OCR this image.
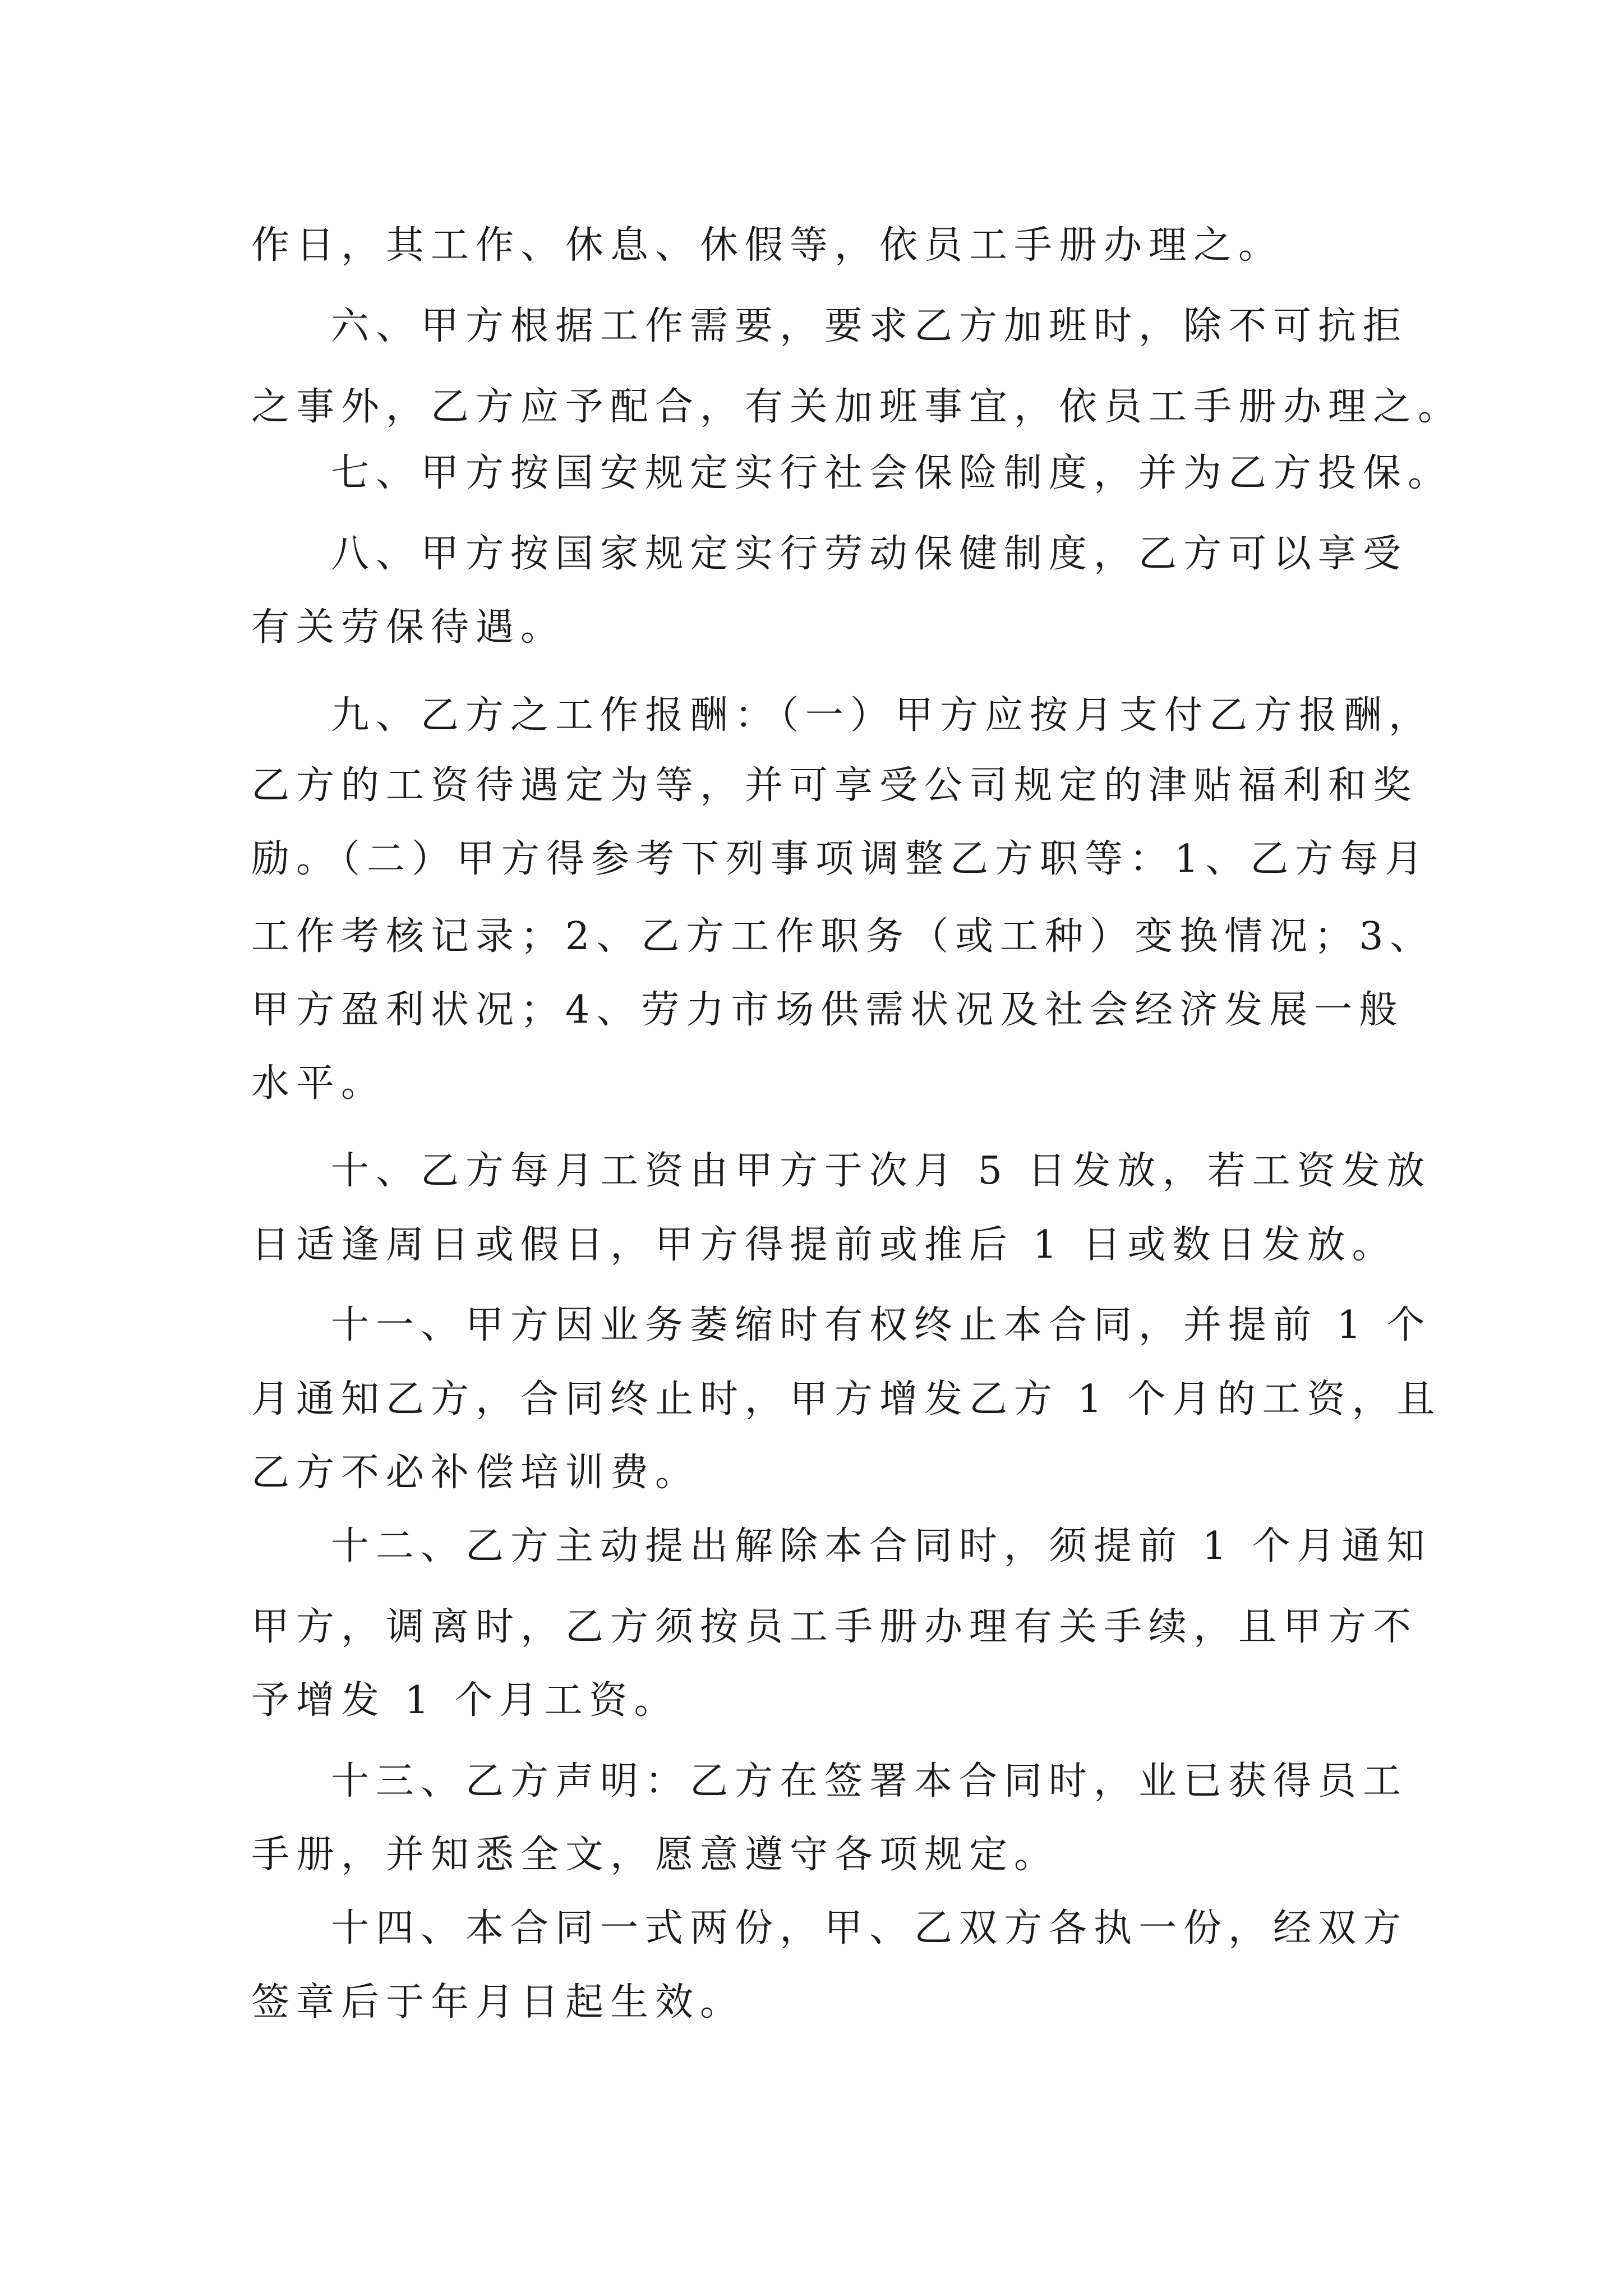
作日，其工作、休息、休假等，依员工手册办理之。
六、甲方根据工作需要，要求乙方加班时，除不可抗拒
之事外，乙方应予配合，有关加班事宜，依员工手册办理之。
七、甲方按国安规定实行社会保险制度，并为乙方投保。
八、甲方按国家规定实行劳动保健制度，乙方可以享受
有关劳保待遇。
九、乙方之工作报酬：（一）甲方应按月支付乙方报酬，
乙方的工资待遇定为等，并可享受公司规定的津贴福利和奖
励。（二）甲方得参考下列事项调整乙方职等：1、乙方每月
工作考核记录；2、乙方工作职务（或工种）变换情况；3、
甲方盈利状况；4、劳力市场供需状况及社会经济发展一般
水平。
十、乙方每月工资由甲方于次月 5 日发放，若工资发放
日适逢周日或假日，甲方得提前或推后 1 日或数日发放。
十一、甲方因业务萎缩时有权终止本合同，并提前 1 个
月通知乙方，合同终止时，甲方增发乙方 1 个月的工资，且
乙方不必补偿培训费。
十二、乙方主动提出解除本合同时，须提前 1 个月通知
甲方，调离时，乙方须按员工手册办理有关手续，且甲方不
予增发 1 个月工资。
十三、乙方声明：乙方在签署本合同时，业已获得员工
手册，并知悉全文，愿意遵守各项规定。
十四、本合同一式两份，甲、乙双方各执一份，经双方
签章后于年月日起生效。
